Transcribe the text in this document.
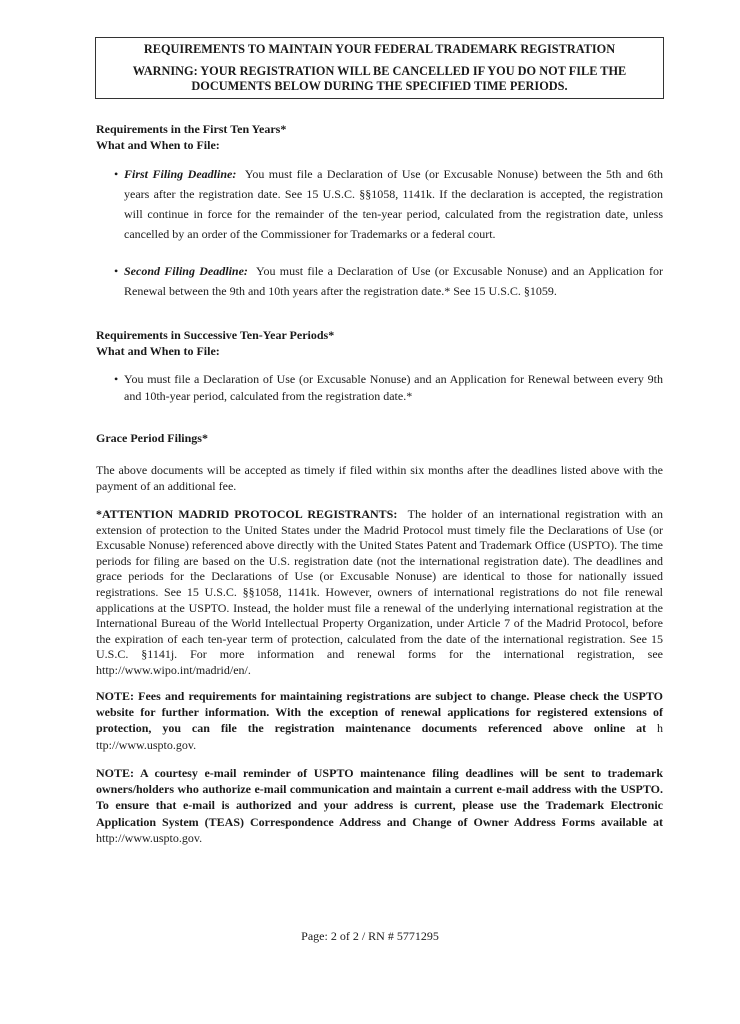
REQUIREMENTS TO MAINTAIN YOUR FEDERAL TRADEMARK REGISTRATION
WARNING: YOUR REGISTRATION WILL BE CANCELLED IF YOU DO NOT FILE THE DOCUMENTS BELOW DURING THE SPECIFIED TIME PERIODS.
Requirements in the First Ten Years*
What and When to File:
• First Filing Deadline: You must file a Declaration of Use (or Excusable Nonuse) between the 5th and 6th years after the registration date. See 15 U.S.C. §§1058, 1141k. If the declaration is accepted, the registration will continue in force for the remainder of the ten-year period, calculated from the registration date, unless cancelled by an order of the Commissioner for Trademarks or a federal court.
• Second Filing Deadline: You must file a Declaration of Use (or Excusable Nonuse) and an Application for Renewal between the 9th and 10th years after the registration date.* See 15 U.S.C. §1059.
Requirements in Successive Ten-Year Periods*
What and When to File:
• You must file a Declaration of Use (or Excusable Nonuse) and an Application for Renewal between every 9th and 10th-year period, calculated from the registration date.*
Grace Period Filings*
The above documents will be accepted as timely if filed within six months after the deadlines listed above with the payment of an additional fee.
*ATTENTION MADRID PROTOCOL REGISTRANTS: The holder of an international registration with an extension of protection to the United States under the Madrid Protocol must timely file the Declarations of Use (or Excusable Nonuse) referenced above directly with the United States Patent and Trademark Office (USPTO). The time periods for filing are based on the U.S. registration date (not the international registration date). The deadlines and grace periods for the Declarations of Use (or Excusable Nonuse) are identical to those for nationally issued registrations. See 15 U.S.C. §§1058, 1141k. However, owners of international registrations do not file renewal applications at the USPTO. Instead, the holder must file a renewal of the underlying international registration at the International Bureau of the World Intellectual Property Organization, under Article 7 of the Madrid Protocol, before the expiration of each ten-year term of protection, calculated from the date of the international registration. See 15 U.S.C. §1141j. For more information and renewal forms for the international registration, see http://www.wipo.int/madrid/en/.
NOTE: Fees and requirements for maintaining registrations are subject to change. Please check the USPTO website for further information. With the exception of renewal applications for registered extensions of protection, you can file the registration maintenance documents referenced above online at h ttp://www.uspto.gov.
NOTE: A courtesy e-mail reminder of USPTO maintenance filing deadlines will be sent to trademark owners/holders who authorize e-mail communication and maintain a current e-mail address with the USPTO. To ensure that e-mail is authorized and your address is current, please use the Trademark Electronic Application System (TEAS) Correspondence Address and Change of Owner Address Forms available at http://www.uspto.gov.
Page: 2 of 2 / RN # 5771295
